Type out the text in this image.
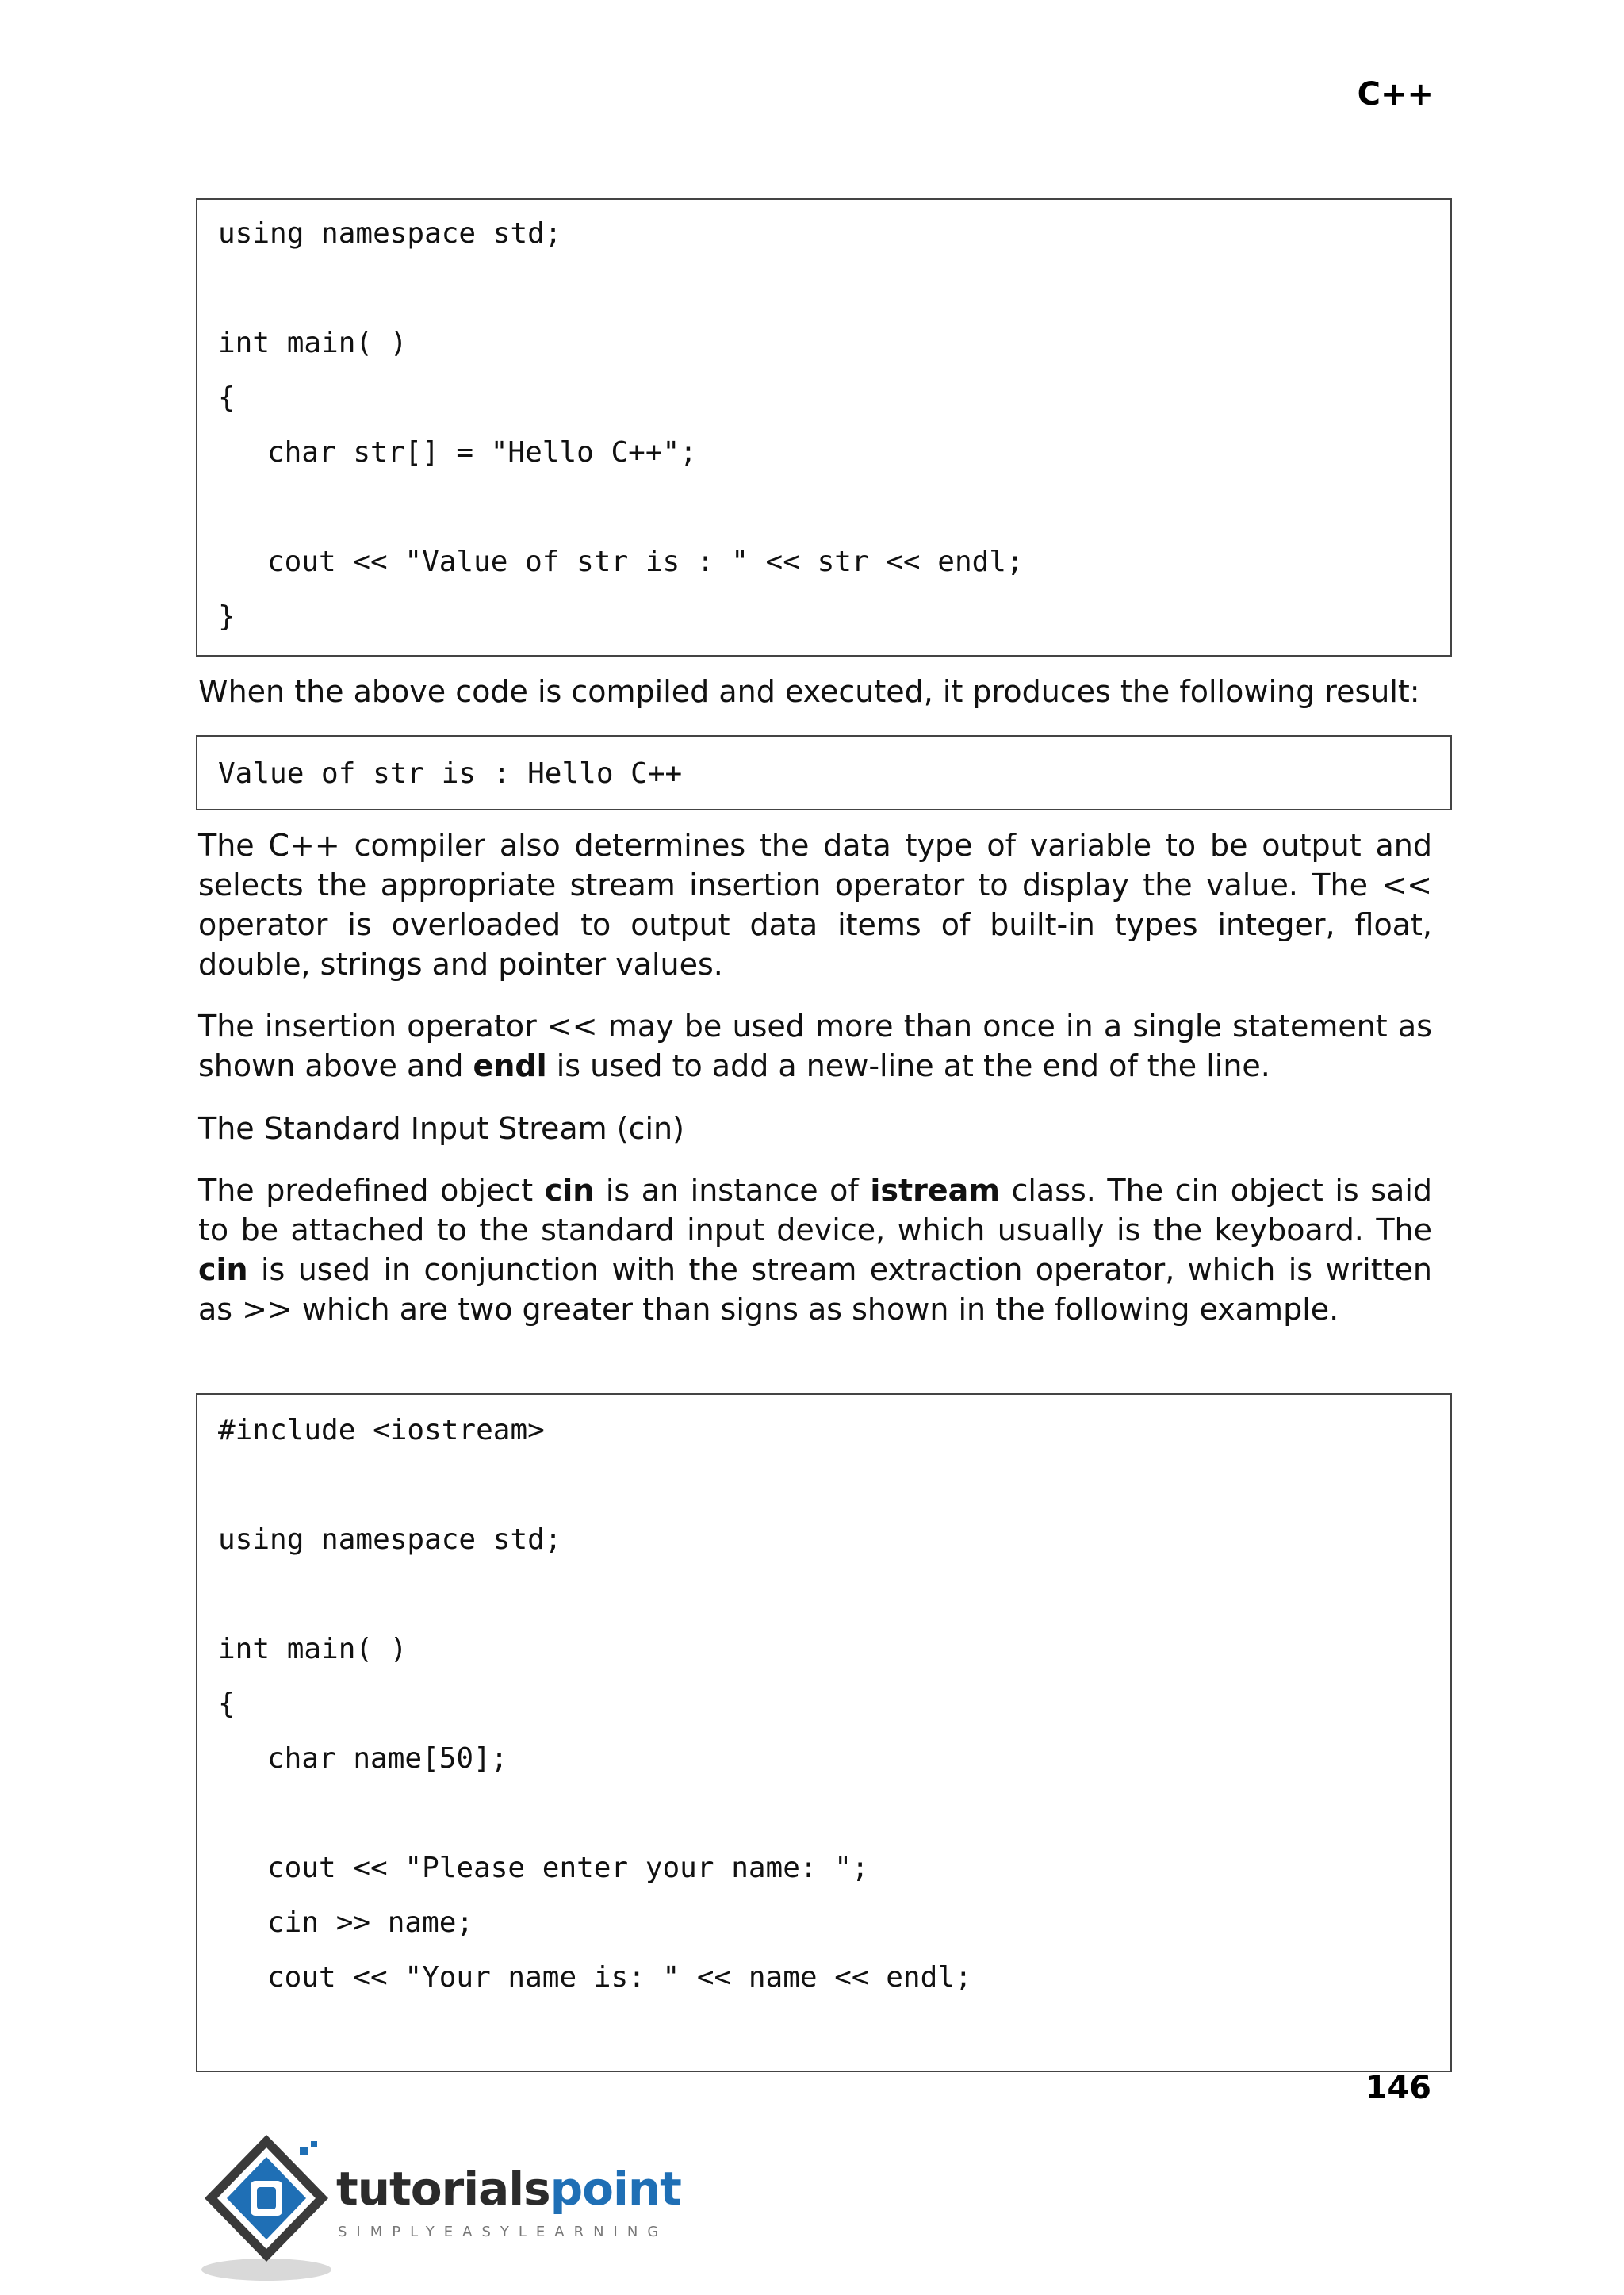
C++
using namespace std;
int main( )
{
char str[] = "Hello C++";
cout << "Value of str is : " << str << endl;
}
When the above code is compiled and executed, it produces the following result:
Value of str is : Hello C++
The C++ compiler also determines the data type of variable to be output and selects the appropriate stream insertion operator to display the value. The << operator is overloaded to output data items of built-in types integer, float, double, strings and pointer values.
The insertion operator << may be used more than once in a single statement as shown above and endl is used to add a new-line at the end of the line.
The Standard Input Stream (cin)
The predefined object cin is an instance of istream class. The cin object is said to be attached to the standard input device, which usually is the keyboard. The cin is used in conjunction with the stream extraction operator, which is written as >> which are two greater than signs as shown in the following example.
#include <iostream>
using namespace std;
int main( )
{
char name[50];
cout << "Please enter your name: ";
cin >> name;
cout << "Your name is: " << name << endl;
146
tutorialspoint
SIMPLYEASYLEARNING
